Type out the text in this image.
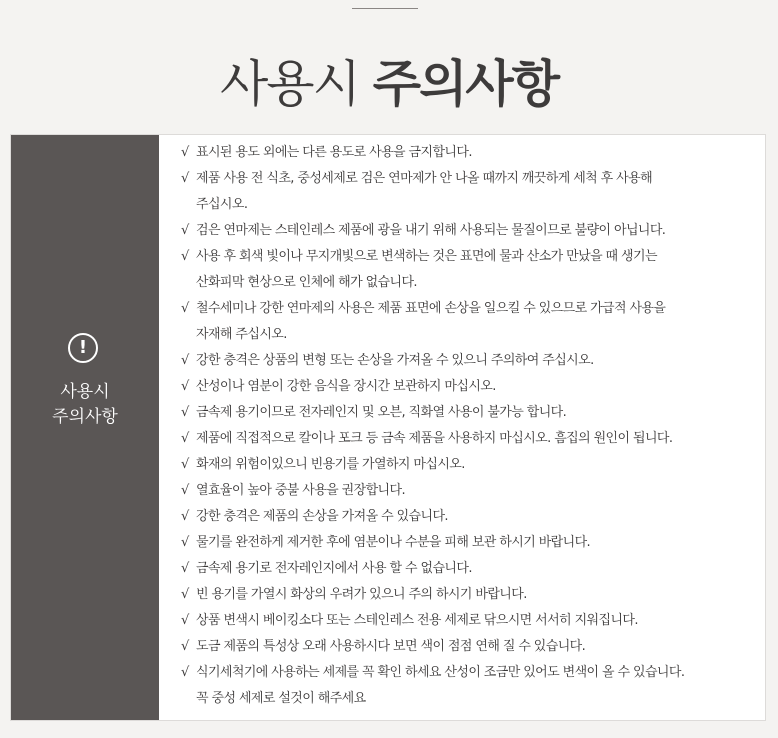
사용시 주의사항
!
사용시
주의사항
√ 표시된 용도 외에는 다른 용도로 사용을 금지합니다.
√ 제품 사용 전 식초, 중성세제로 검은 연마제가 안 나올 때까지 깨끗하게 세척 후 사용해
주십시오.
√ 검은 연마제는 스테인레스 제품에 광을 내기 위해 사용되는 물질이므로 불량이 아닙니다.
√ 사용 후 회색 빛이나 무지개빛으로 변색하는 것은 표면에 물과 산소가 만났을 때 생기는
산화피막 현상으로 인체에 해가 없습니다.
√ 철수세미나 강한 연마제의 사용은 제품 표면에 손상을 일으킬 수 있으므로 가급적 사용을
자재해 주십시오.
√ 강한 충격은 상품의 변형 또는 손상을 가져올 수 있으니 주의하여 주십시오.
√ 산성이나 염분이 강한 음식을 장시간 보관하지 마십시오.
√ 금속제 용기이므로 전자레인지 및 오븐, 직화열 사용이 불가능 합니다.
√ 제품에 직접적으로 칼이나 포크 등 금속 제품을 사용하지 마십시오. 흠집의 원인이 됩니다.
√ 화재의 위험이있으니 빈용기를 가열하지 마십시오.
√ 열효율이 높아 중불 사용을 권장합니다.
√ 강한 충격은 제품의 손상을 가져올 수 있습니다.
√ 물기를 완전하게 제거한 후에 염분이나 수분을 피해 보관 하시기 바랍니다.
√ 금속제 용기로 전자레인지에서 사용 할 수 없습니다.
√ 빈 용기를 가열시 화상의 우려가 있으니 주의 하시기 바랍니다.
√ 상품 변색시 베이킹소다 또는 스테인레스 전용 세제로 닦으시면 서서히 지워집니다.
√ 도금 제품의 특성상 오래 사용하시다 보면 색이 점점 연해 질 수 있습니다.
√ 식기세척기에 사용하는 세제를 꼭 확인 하세요 산성이 조금만 있어도 변색이 올 수 있습니다.
꼭 중성 세제로 설것이 해주세요
